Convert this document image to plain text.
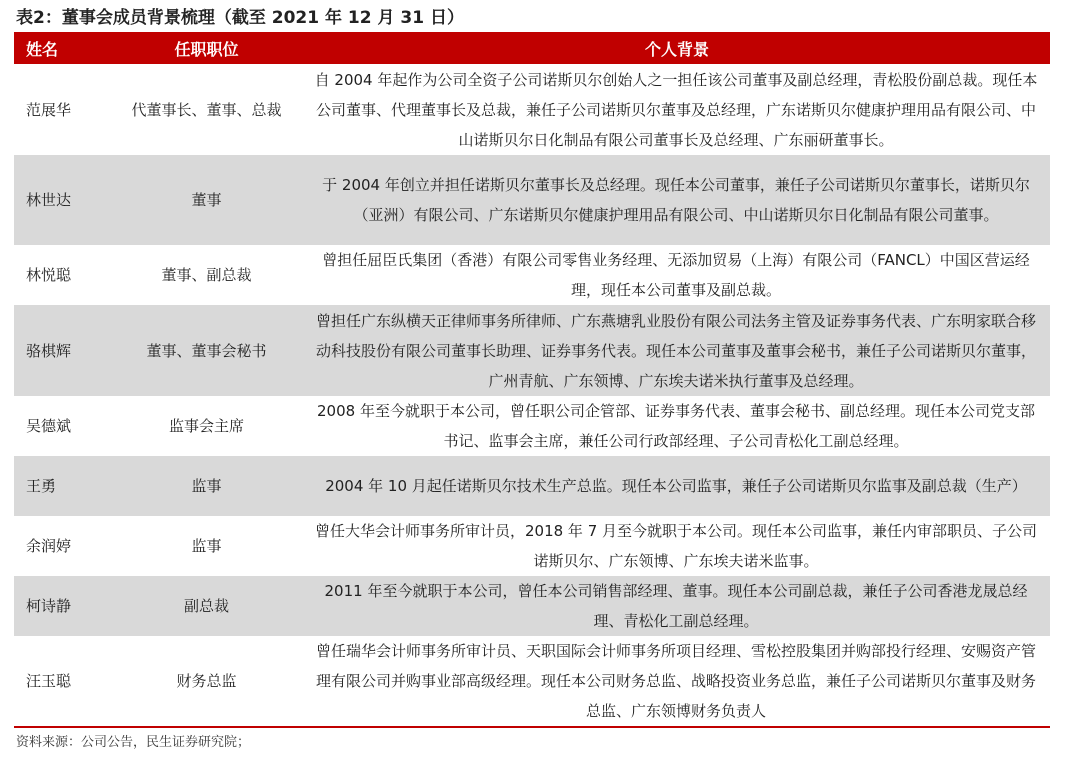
表2：董事会成员背景梳理（截至 2021 年 12 月 31 日）
姓名	任职职位	个人背景
范展华	代董事长、董事、总裁	自 2004 年起作为公司全资子公司诺斯贝尔创始人之一担任该公司董事及副总经理，青松股份副总裁。现任本公司董事、代理董事长及总裁，兼任子公司诺斯贝尔董事及总经理，广东诺斯贝尔健康护理用品有限公司、中山诺斯贝尔日化制品有限公司董事长及总经理、广东丽研董事长。
林世达	董事	于 2004 年创立并担任诺斯贝尔董事长及总经理。现任本公司董事，兼任子公司诺斯贝尔董事长，诺斯贝尔（亚洲）有限公司、广东诺斯贝尔健康护理用品有限公司、中山诺斯贝尔日化制品有限公司董事。
林悦聪	董事、副总裁	曾担任屈臣氏集团（香港）有限公司零售业务经理、无添加贸易（上海）有限公司（FANCL）中国区营运经理，现任本公司董事及副总裁。
骆棋辉	董事、董事会秘书	曾担任广东纵横天正律师事务所律师、广东燕塘乳业股份有限公司法务主管及证券事务代表、广东明家联合移动科技股份有限公司董事长助理、证券事务代表。现任本公司董事及董事会秘书，兼任子公司诺斯贝尔董事，广州青航、广东领博、广东埃夫诺米执行董事及总经理。
吴德斌	监事会主席	2008 年至今就职于本公司，曾任职公司企管部、证券事务代表、董事会秘书、副总经理。现任本公司党支部书记、监事会主席，兼任公司行政部经理、子公司青松化工副总经理。
王勇	监事	2004 年 10 月起任诺斯贝尔技术生产总监。现任本公司监事，兼任子公司诺斯贝尔监事及副总裁（生产）
余润婷	监事	曾任大华会计师事务所审计员，2018 年 7 月至今就职于本公司。现任本公司监事，兼任内审部职员、子公司诺斯贝尔、广东领博、广东埃夫诺米监事。
柯诗静	副总裁	2011 年至今就职于本公司，曾任本公司销售部经理、董事。现任本公司副总裁，兼任子公司香港龙晟总经理、青松化工副总经理。
汪玉聪	财务总监	曾任瑞华会计师事务所审计员、天职国际会计师事务所项目经理、雪松控股集团并购部投行经理、安赐资产管理有限公司并购事业部高级经理。现任本公司财务总监、战略投资业务总监，兼任子公司诺斯贝尔董事及财务总监、广东领博财务负责人
资料来源：公司公告，民生证券研究院；
